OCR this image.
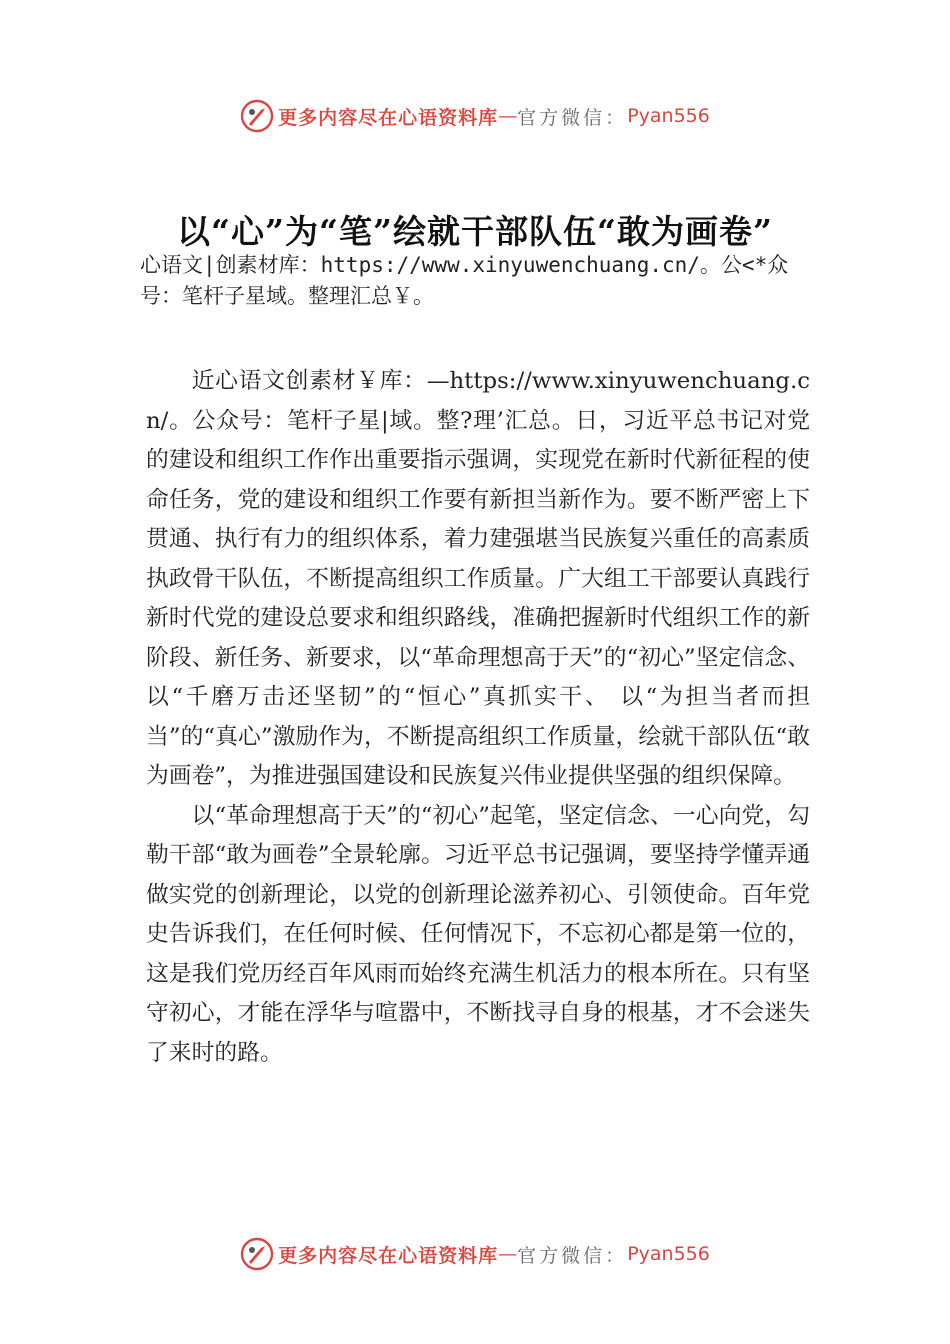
更多内容尽在心语资料库 — 官方微信： Pyan556
以“心”为“笔”绘就干部队伍“敢为画卷”
心语文|创素材库：https://www.xinyuwenchuang.cn/。公<*众号：笔杆子星域。整理汇总￥。

近心语文创素材￥库：—https://www.xinyuwenchuang.cn/。公众号：笔杆子星|域。整?理’汇总。日，习近平总书记对党的建设和组织工作作出重要指示强调，实现党在新时代新征程的使命任务，党的建设和组织工作要有新担当新作为。要不断严密上下贯通、执行有力的组织体系，着力建强堪当民族复兴重任的高素质执政骨干队伍，不断提高组织工作质量。广大组工干部要认真践行新时代党的建设总要求和组织路线，准确把握新时代组织工作的新阶段、新任务、新要求，以“革命理想高于天”的“初心”坚定信念、以“千磨万击还坚韧”的“恒心”真抓实干、 以“为担当者而担当”的“真心”激励作为，不断提高组织工作质量，绘就干部队伍“敢为画卷”，为推进强国建设和民族复兴伟业提供坚强的组织保障。

以“革命理想高于天”的“初心”起笔，坚定信念、一心向党，勾勒干部“敢为画卷”全景轮廓。习近平总书记强调，要坚持学懂弄通做实党的创新理论，以党的创新理论滋养初心、引领使命。百年党史告诉我们，在任何时候、任何情况下，不忘初心都是第一位的，这是我们党历经百年风雨而始终充满生机活力的根本所在。只有坚守初心，才能在浮华与喧嚣中，不断找寻自身的根基，才不会迷失了来时的路。

更多内容尽在心语资料库 — 官方微信： Pyan556
